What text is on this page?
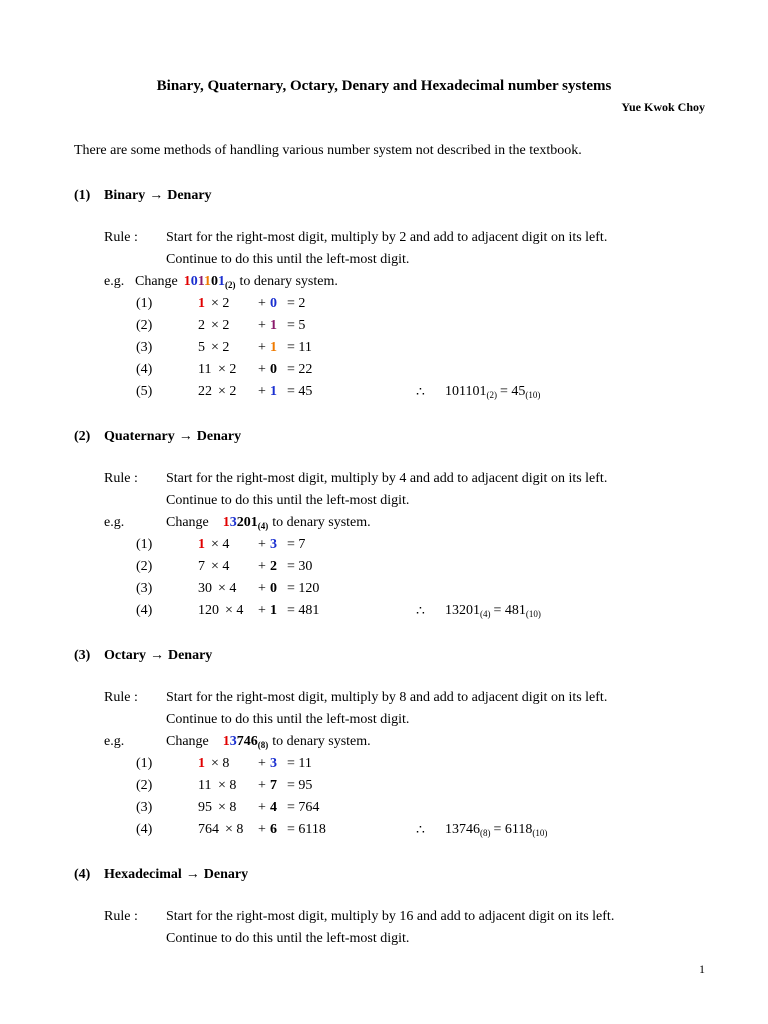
Binary, Quaternary, Octary, Denary and Hexadecimal number systems
Yue Kwok Choy
There are some methods of handling various number system not described in the textbook.
(1) Binary → Denary
Rule : Start for the right-most digit, multiply by 2 and add to adjacent digit on its left.
Continue to do this until the left-most digit.
e.g. Change $101101_{(2)}$ to denary system.
(1)	1 × 2 + 0 = 2
(2)	2 × 2 + 1 = 5
(3)	5 × 2 + 1 = 11
(4)	11 × 2 + 0 = 22
(5)	22 × 2 + 1 = 45	∴ $101101_{(2)} = 45_{(10)}$
(2) Quaternary → Denary
Rule : Start for the right-most digit, multiply by 4 and add to adjacent digit on its left.
Continue to do this until the left-most digit.
e.g.	Change $13201_{(4)}$ to denary system.
(1)	1 × 4 + 3 = 7
(2)	7 × 4 + 2 = 30
(3)	30 × 4 + 0 = 120
(4)	120 × 4 + 1 = 481	∴ $13201_{(4)} = 481_{(10)}$
(3) Octary → Denary
Rule : Start for the right-most digit, multiply by 8 and add to adjacent digit on its left.
Continue to do this until the left-most digit.
e.g.	Change $13746_{(8)}$ to denary system.
(1)	1 × 8 + 3 = 11
(2)	11 × 8 + 7 = 95
(3)	95 × 8 + 4 = 764
(4)	764 × 8 + 6 = 6118	∴ $13746_{(8)} = 6118_{(10)}$
(4) Hexadecimal → Denary
Rule : Start for the right-most digit, multiply by 16 and add to adjacent digit on its left.
Continue to do this until the left-most digit.
1
